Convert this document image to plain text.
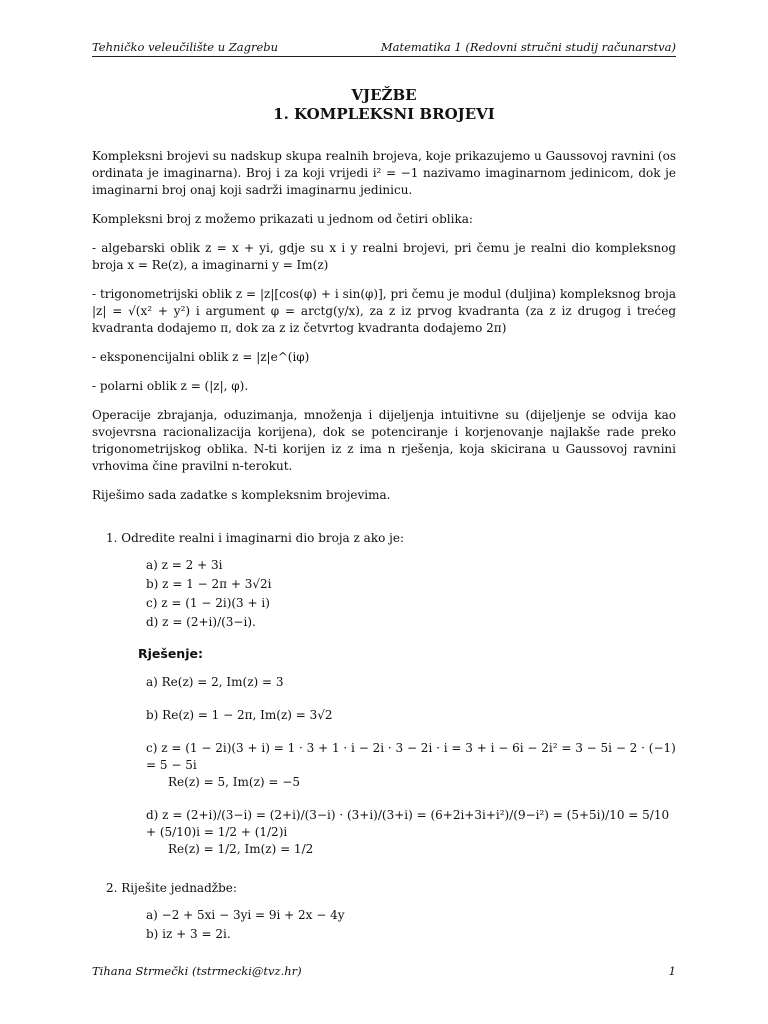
Tehničko veleučilište u Zagrebu	Matematika 1 (Redovni stručni studij računarstva)
VJEŽBE
1. KOMPLEKSNI BROJEVI

Kompleksni brojevi su nadskup skupa realnih brojeva, koje prikazujemo u Gaussovoj ravnini (os ordinata je imaginarna). Broj i za koji vrijedi i² = −1 nazivamo imaginarnom jedinicom, dok je imaginarni broj onaj koji sadrži imaginarnu jedinicu.

Kompleksni broj z možemo prikazati u jednom od četiri oblika:

- algebarski oblik z = x + yi, gdje su x i y realni brojevi, pri čemu je realni dio kompleksnog broja x = Re(z), a imaginarni y = Im(z)

- trigonometrijski oblik z = |z|[cos(φ) + i sin(φ)], pri čemu je modul (duljina) kompleksnog broja |z| = √(x² + y²) i argument φ = arctg(y/x), za z iz prvog kvadranta (za z iz drugog i trećeg kvadranta dodajemo π, dok za z iz četvrtog kvadranta dodajemo 2π)

- eksponencijalni oblik z = |z|e^(iφ)

- polarni oblik z = (|z|, φ).

Operacije zbrajanja, oduzimanja, množenja i dijeljenja intuitivne su (dijeljenje se odvija kao svojevrsna racionalizacija korijena), dok se potenciranje i korjenovanje najlakše rade preko trigonometrijskog oblika. N-ti korijen iz z ima n rješenja, koja skicirana u Gaussovoj ravnini vrhovima čine pravilni n-terokut.

Riješimo sada zadatke s kompleksnim brojevima.

1. Odredite realni i imaginarni dio broja z ako je:
a) z = 2 + 3i
b) z = 1 − 2π + 3√2i
c) z = (1 − 2i)(3 + i)
d) z = (2+i)/(3−i).
Rješenje:
a) Re(z) = 2, Im(z) = 3
b) Re(z) = 1 − 2π, Im(z) = 3√2
c) z = (1 − 2i)(3 + i) = 1 · 3 + 1 · i − 2i · 3 − 2i · i = 3 + i − 6i − 2i² = 3 − 5i − 2 · (−1) = 5 − 5i
Re(z) = 5, Im(z) = −5
d) z = (2+i)/(3−i) = (2+i)/(3−i) · (3+i)/(3+i) = (6+2i+3i+i²)/(9−i²) = (5+5i)/10 = 5/10 + (5/10)i = 1/2 + (1/2)i
Re(z) = 1/2, Im(z) = 1/2
2. Riješite jednadžbe:
a) −2 + 5xi − 3yi = 9i + 2x − 4y
b) iz + 3 = 2i.
Tihana Strmečki (tstrmecki@tvz.hr)	1
